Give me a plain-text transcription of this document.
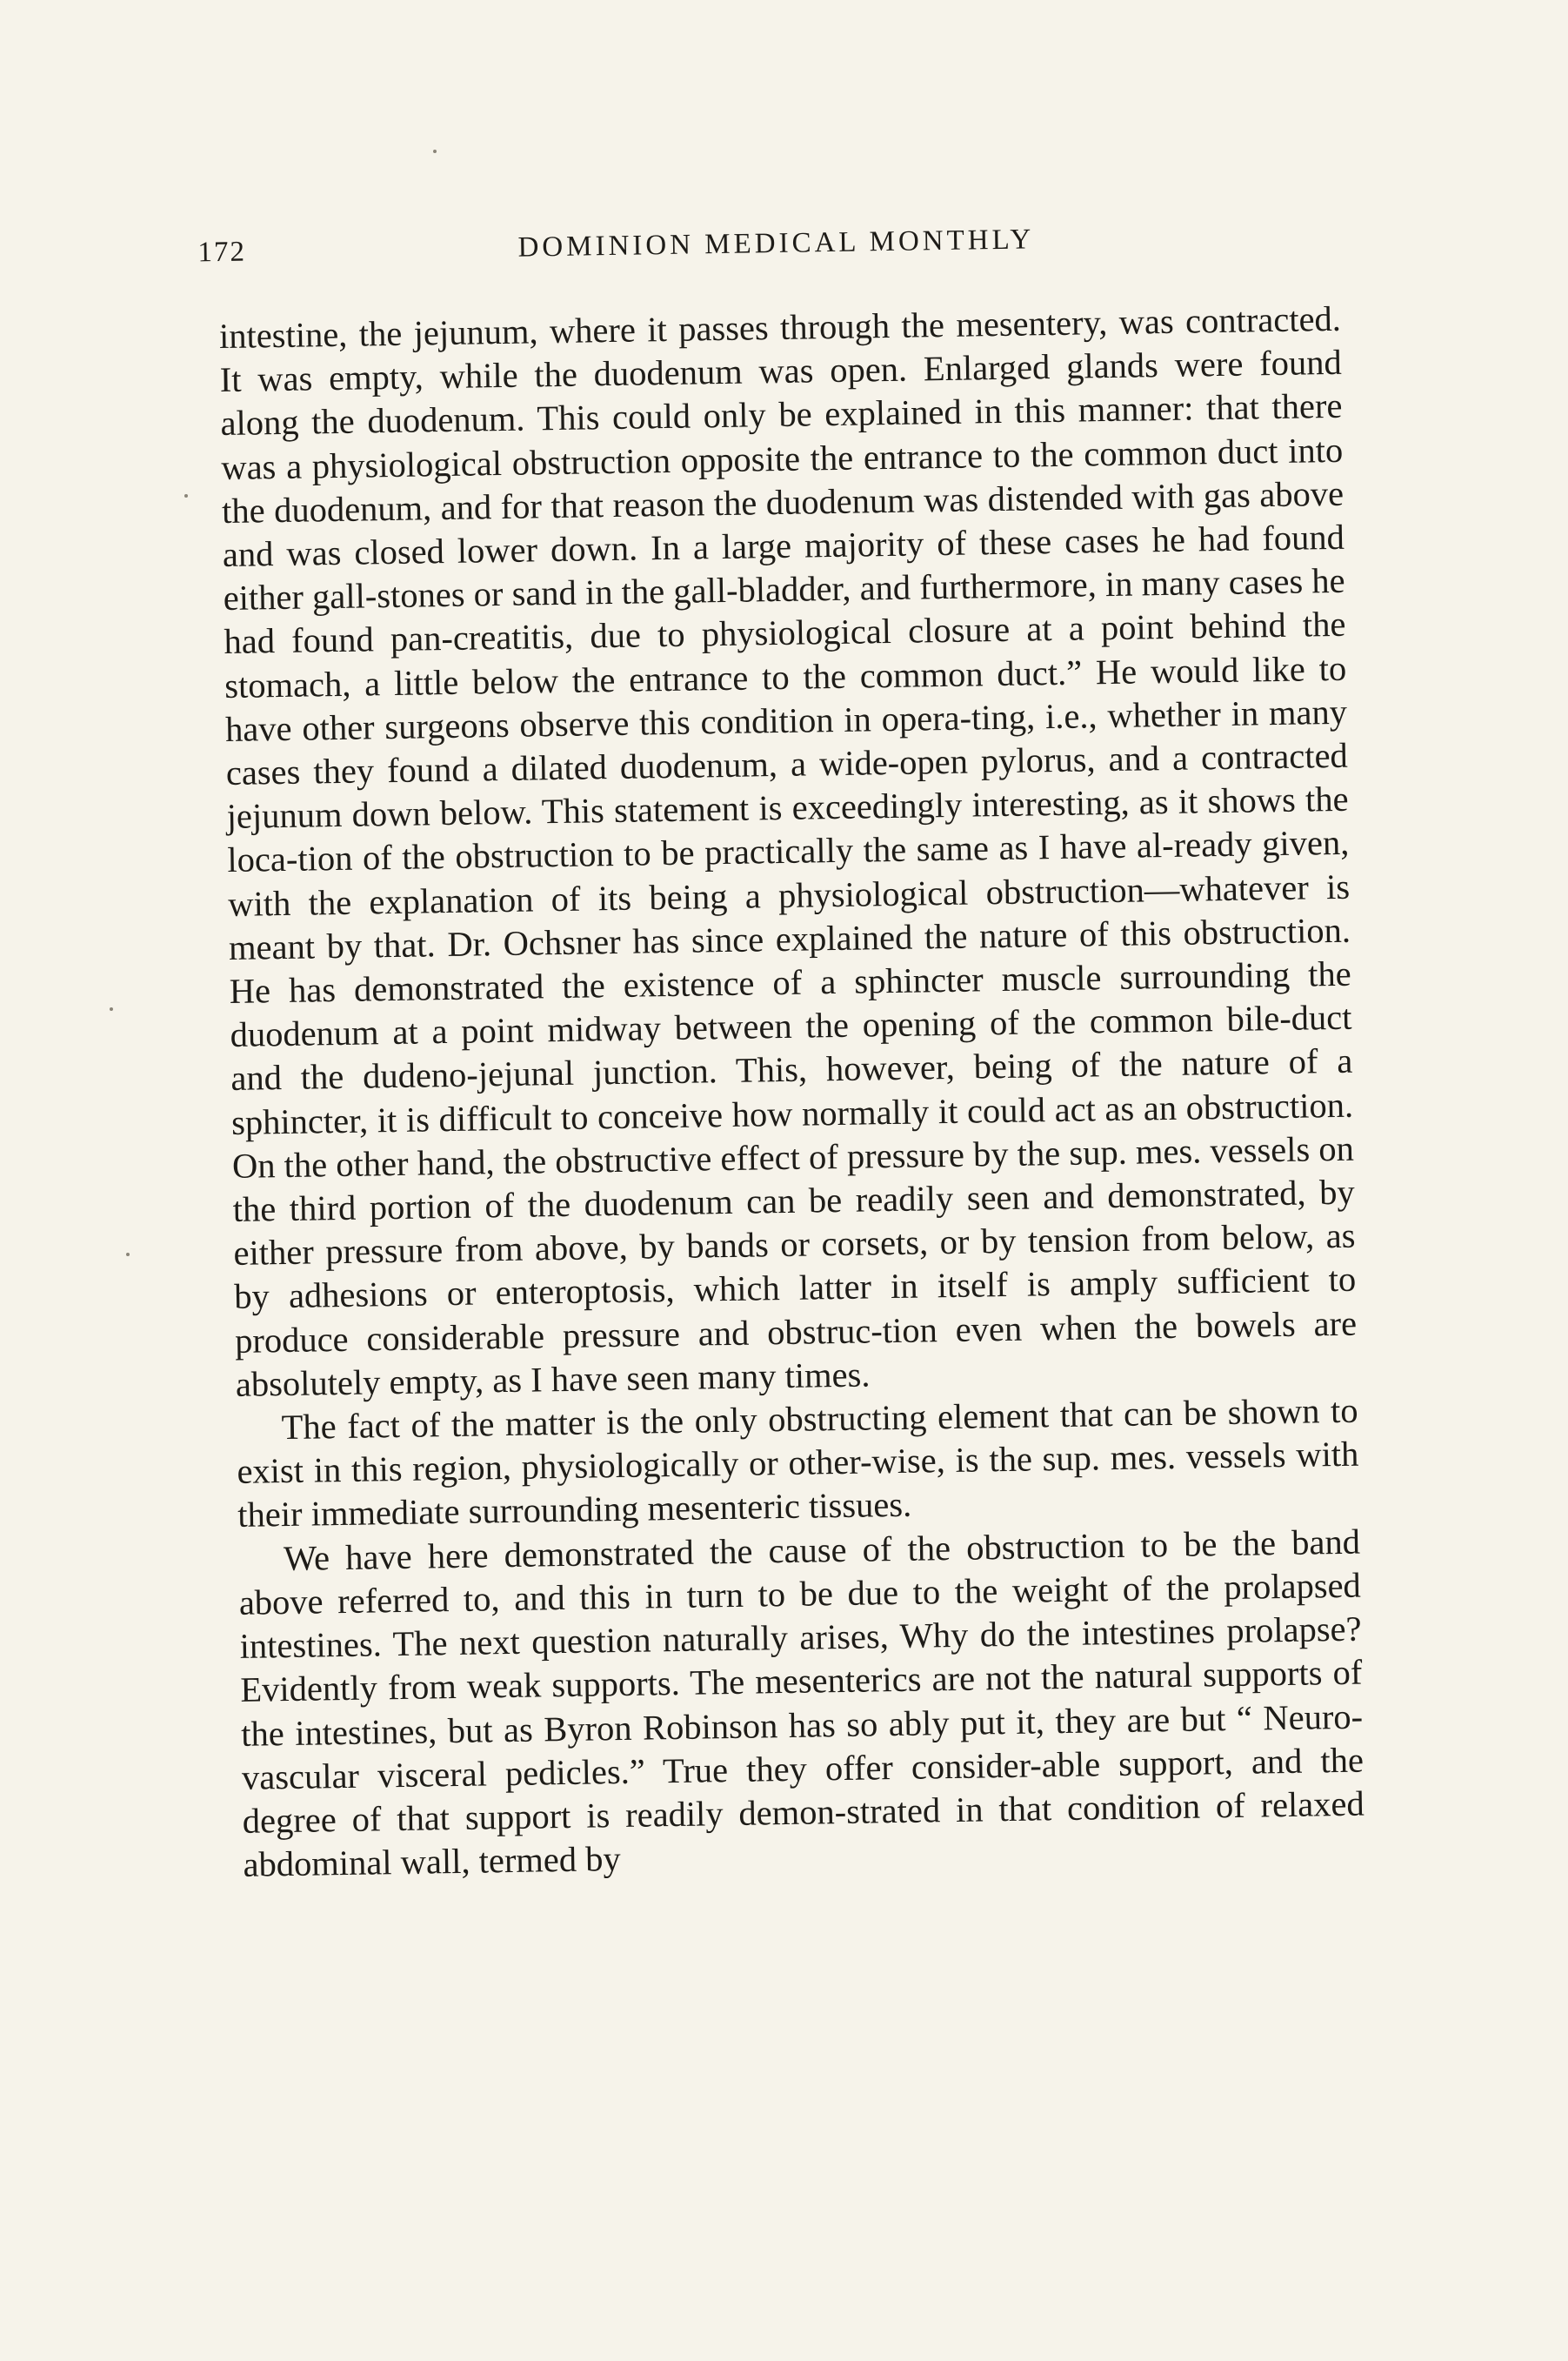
172	DOMINION MEDICAL MONTHLY

intestine, the jejunum, where it passes through the mesentery, was contracted. It was empty, while the duodenum was open. Enlarged glands were found along the duodenum. This could only be explained in this manner: that there was a physiological obstruction opposite the entrance to the common duct into the duodenum, and for that reason the duodenum was distended with gas above and was closed lower down. In a large majority of these cases he had found either gall-stones or sand in the gall-bladder, and furthermore, in many cases he had found pan-creatitis, due to physiological closure at a point behind the stomach, a little below the entrance to the common duct.” He would like to have other surgeons observe this condition in opera-ting, i.e., whether in many cases they found a dilated duodenum, a wide-open pylorus, and a contracted jejunum down below. This statement is exceedingly interesting, as it shows the loca-tion of the obstruction to be practically the same as I have al-ready given, with the explanation of its being a physiological obstruction—whatever is meant by that. Dr. Ochsner has since explained the nature of this obstruction. He has demonstrated the existence of a sphincter muscle surrounding the duodenum at a point midway between the opening of the common bile-duct and the dudeno-jejunal junction. This, however, being of the nature of a sphincter, it is difficult to conceive how normally it could act as an obstruction. On the other hand, the obstructive effect of pressure by the sup. mes. vessels on the third portion of the duodenum can be readily seen and demonstrated, by either pressure from above, by bands or corsets, or by tension from below, as by adhesions or enteroptosis, which latter in itself is amply sufficient to produce considerable pressure and obstruc-tion even when the bowels are absolutely empty, as I have seen many times.

The fact of the matter is the only obstructing element that can be shown to exist in this region, physiologically or other-wise, is the sup. mes. vessels with their immediate surrounding mesenteric tissues.

We have here demonstrated the cause of the obstruction to be the band above referred to, and this in turn to be due to the weight of the prolapsed intestines. The next question naturally arises, Why do the intestines prolapse? Evidently from weak supports. The mesenterics are not the natural supports of the intestines, but as Byron Robinson has so ably put it, they are but “ Neuro-vascular visceral pedicles.” True they offer consider-able support, and the degree of that support is readily demon-strated in that condition of relaxed abdominal wall, termed by
